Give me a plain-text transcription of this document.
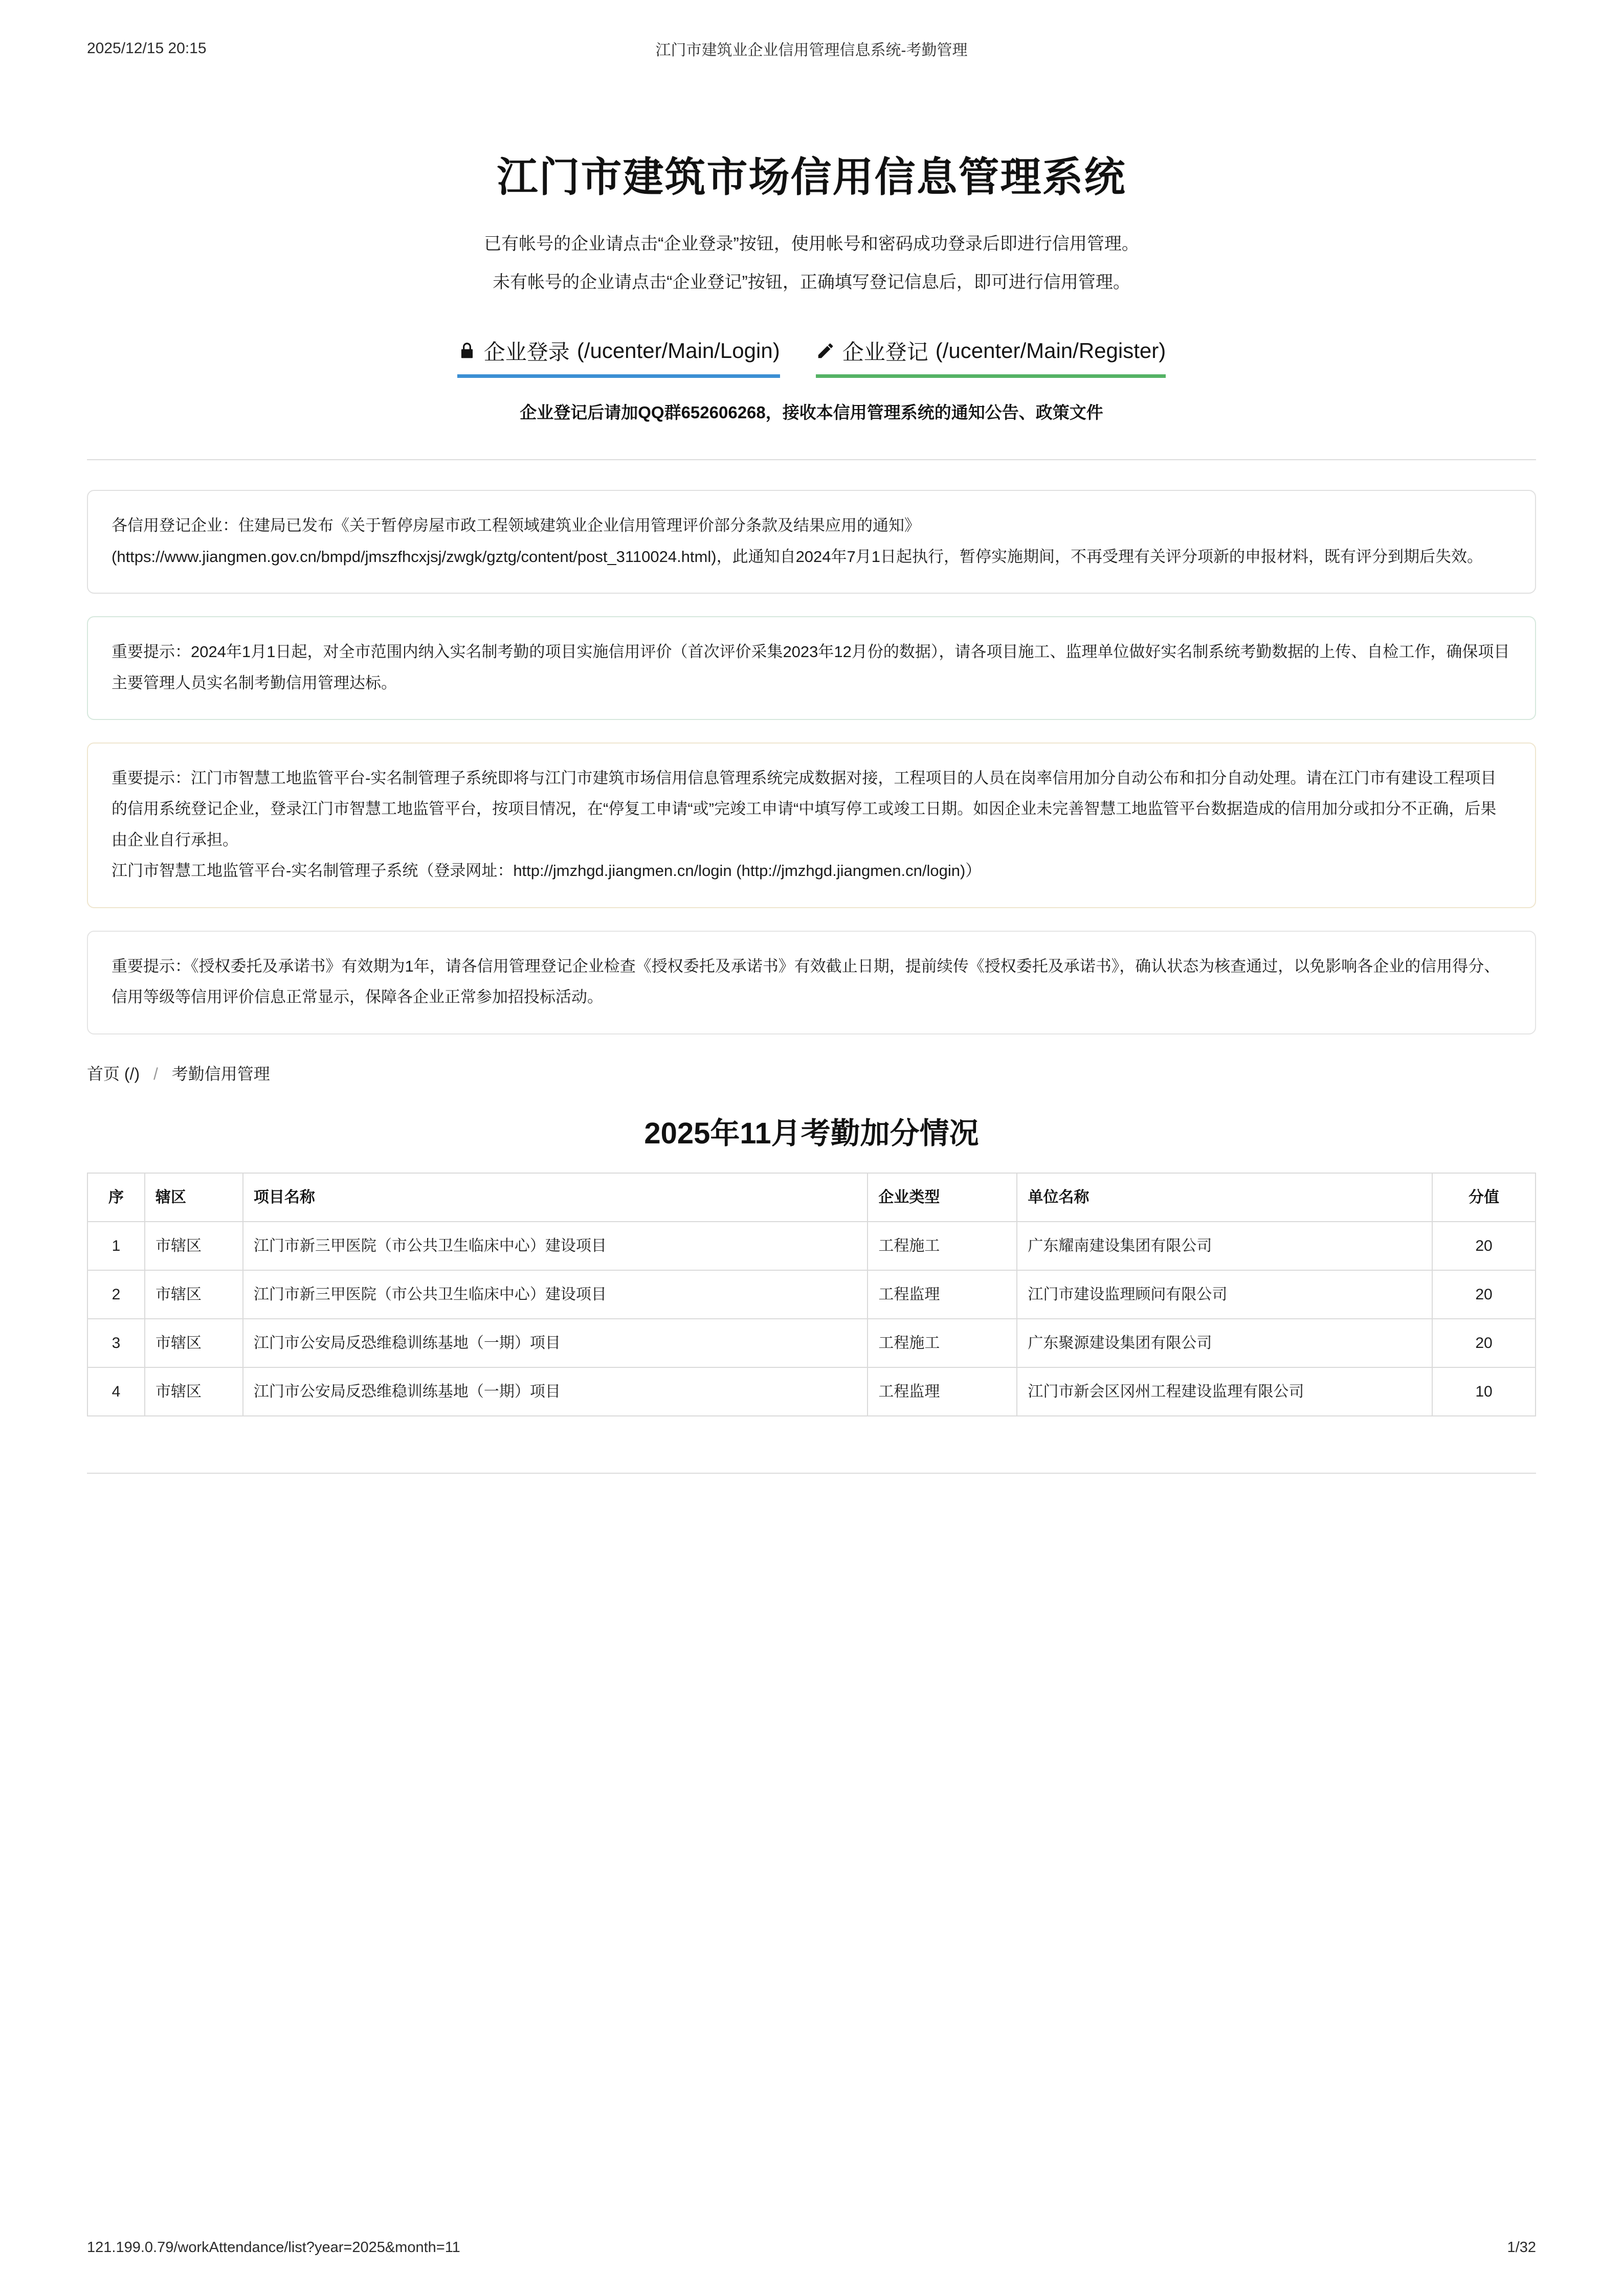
2025/12/15 20:15	江门市建筑业企业信用管理信息系统-考勤管理
江门市建筑市场信用信息管理系统

已有帐号的企业请点击“企业登录”按钮，使用帐号和密码成功登录后即进行信用管理。

未有帐号的企业请点击“企业登记”按钮，正确填写登记信息后，即可进行信用管理。

企业登录 (/ucenter/Main/Login)	企业登记 (/ucenter/Main/Register)
企业登记后请加QQ群652606268，接收本信用管理系统的通知公告、政策文件

各信用登记企业：住建局已发布《关于暂停房屋市政工程领域建筑业企业信用管理评价部分条款及结果应用的通知》(https://www.jiangmen.gov.cn/bmpd/jmszfhcxjsj/zwgk/gztg/content/post_3110024.html)，此通知自2024年7月1日起执行，暂停实施期间，不再受理有关评分项新的申报材料，既有评分到期后失效。

重要提示：2024年1月1日起，对全市范围内纳入实名制考勤的项目实施信用评价（首次评价采集2023年12月份的数据），请各项目施工、监理单位做好实名制系统考勤数据的上传、自检工作，确保项目主要管理人员实名制考勤信用管理达标。

重要提示：江门市智慧工地监管平台-实名制管理子系统即将与江门市建筑市场信用信息管理系统完成数据对接，工程项目的人员在岗率信用加分自动公布和扣分自动处理。请在江门市有建设工程项目的信用系统登记企业，登录江门市智慧工地监管平台，按项目情况，在“停复工申请“或”完竣工申请“中填写停工或竣工日期。如因企业未完善智慧工地监管平台数据造成的信用加分或扣分不正确，后果由企业自行承担。

江门市智慧工地监管平台-实名制管理子系统（登录网址：http://jmzhgd.jiangmen.cn/login (http://jmzhgd.jiangmen.cn/login)）

重要提示：《授权委托及承诺书》有效期为1年，请各信用管理登记企业检查《授权委托及承诺书》有效截止日期，提前续传《授权委托及承诺书》，确认状态为核查通过，以免影响各企业的信用得分、信用等级等信用评价信息正常显示，保障各企业正常参加招投标活动。

首页 (/) / 考勤信用管理
2025年11月考勤加分情况
序	辖区	项目名称	企业类型	单位名称	分值
1	市辖区	江门市新三甲医院（市公共卫生临床中心）建设项目	工程施工	广东耀南建设集团有限公司	20
2	市辖区	江门市新三甲医院（市公共卫生临床中心）建设项目	工程监理	江门市建设监理顾问有限公司	20
3	市辖区	江门市公安局反恐维稳训练基地（一期）项目	工程施工	广东聚源建设集团有限公司	20
4	市辖区	江门市公安局反恐维稳训练基地（一期）项目	工程监理	江门市新会区冈州工程建设监理有限公司	10
121.199.0.79/workAttendance/list?year=2025&month=11	1/32
